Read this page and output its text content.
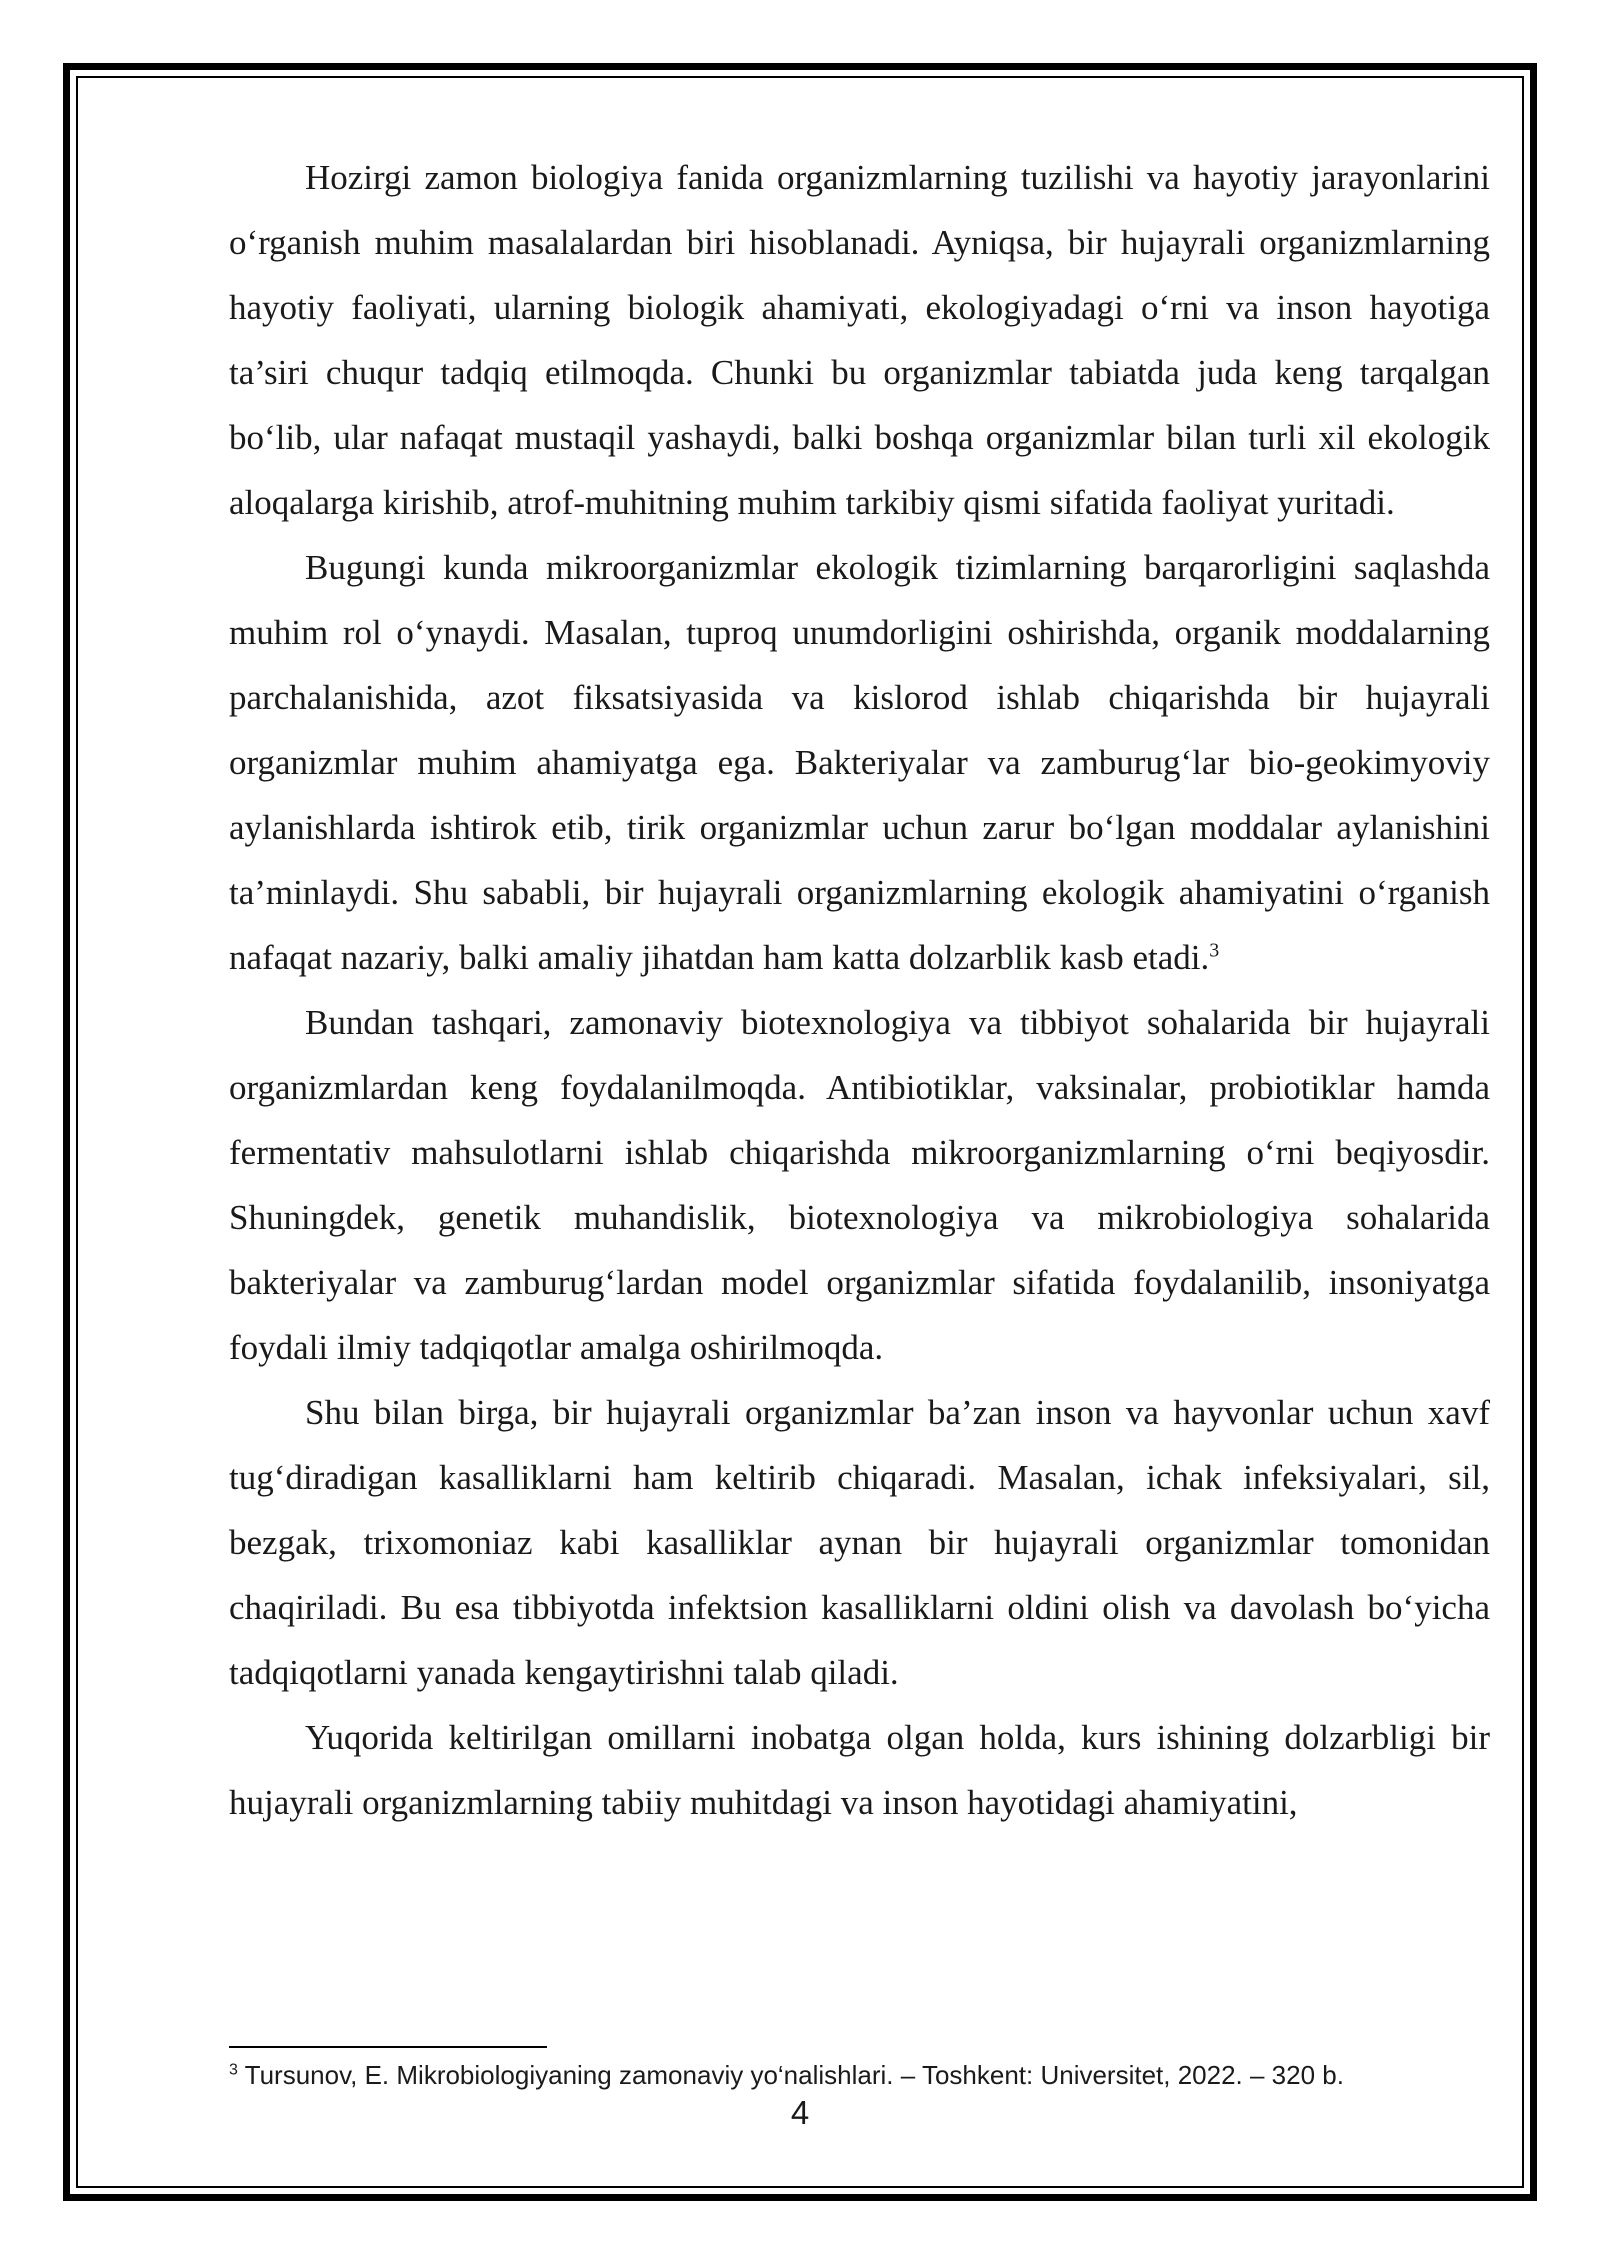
Hozirgi zamon biologiya fanida organizmlarning tuzilishi va hayotiy jarayonlarini o‘rganish muhim masalalardan biri hisoblanadi. Ayniqsa, bir hujayrali organizmlarning hayotiy faoliyati, ularning biologik ahamiyati, ekologiyadagi o‘rni va inson hayotiga ta’siri chuqur tadqiq etilmoqda. Chunki bu organizmlar tabiatda juda keng tarqalgan bo‘lib, ular nafaqat mustaqil yashaydi, balki boshqa organizmlar bilan turli xil ekologik aloqalarga kirishib, atrof-muhitning muhim tarkibiy qismi sifatida faoliyat yuritadi.

Bugungi kunda mikroorganizmlar ekologik tizimlarning barqarorligini saqlashda muhim rol o‘ynaydi. Masalan, tuproq unumdorligini oshirishda, organik moddalarning parchalanishida, azot fiksatsiyasida va kislorod ishlab chiqarishda bir hujayrali organizmlar muhim ahamiyatga ega. Bakteriyalar va zamburug‘lar bio-geokimyoviy aylanishlarda ishtirok etib, tirik organizmlar uchun zarur bo‘lgan moddalar aylanishini ta’minlaydi. Shu sababli, bir hujayrali organizmlarning ekologik ahamiyatini o‘rganish nafaqat nazariy, balki amaliy jihatdan ham katta dolzarblik kasb etadi.$^3$

Bundan tashqari, zamonaviy biotexnologiya va tibbiyot sohalarida bir hujayrali organizmlardan keng foydalanilmoqda. Antibiotiklar, vaksinalar, probiotiklar hamda fermentativ mahsulotlarni ishlab chiqarishda mikroorganizmlarning o‘rni beqiyosdir. Shuningdek, genetik muhandislik, biotexnologiya va mikrobiologiya sohalarida bakteriyalar va zamburug‘lardan model organizmlar sifatida foydalanilib, insoniyatga foydali ilmiy tadqiqotlar amalga oshirilmoqda.

Shu bilan birga, bir hujayrali organizmlar ba’zan inson va hayvonlar uchun xavf tug‘diradigan kasalliklarni ham keltirib chiqaradi. Masalan, ichak infeksiyalari, sil, bezgak, trixomoniaz kabi kasalliklar aynan bir hujayrali organizmlar tomonidan chaqiriladi. Bu esa tibbiyotda infektsion kasalliklarni oldini olish va davolash bo‘yicha tadqiqotlarni yanada kengaytirishni talab qiladi.

Yuqorida keltirilgan omillarni inobatga olgan holda, kurs ishining dolzarbligi bir hujayrali organizmlarning tabiiy muhitdagi va inson hayotidagi ahamiyatini,

$^3$ Tursunov, E. Mikrobiologiyaning zamonaviy yo‘nalishlari. – Toshkent: Universitet, 2022. – 320 b.
4
